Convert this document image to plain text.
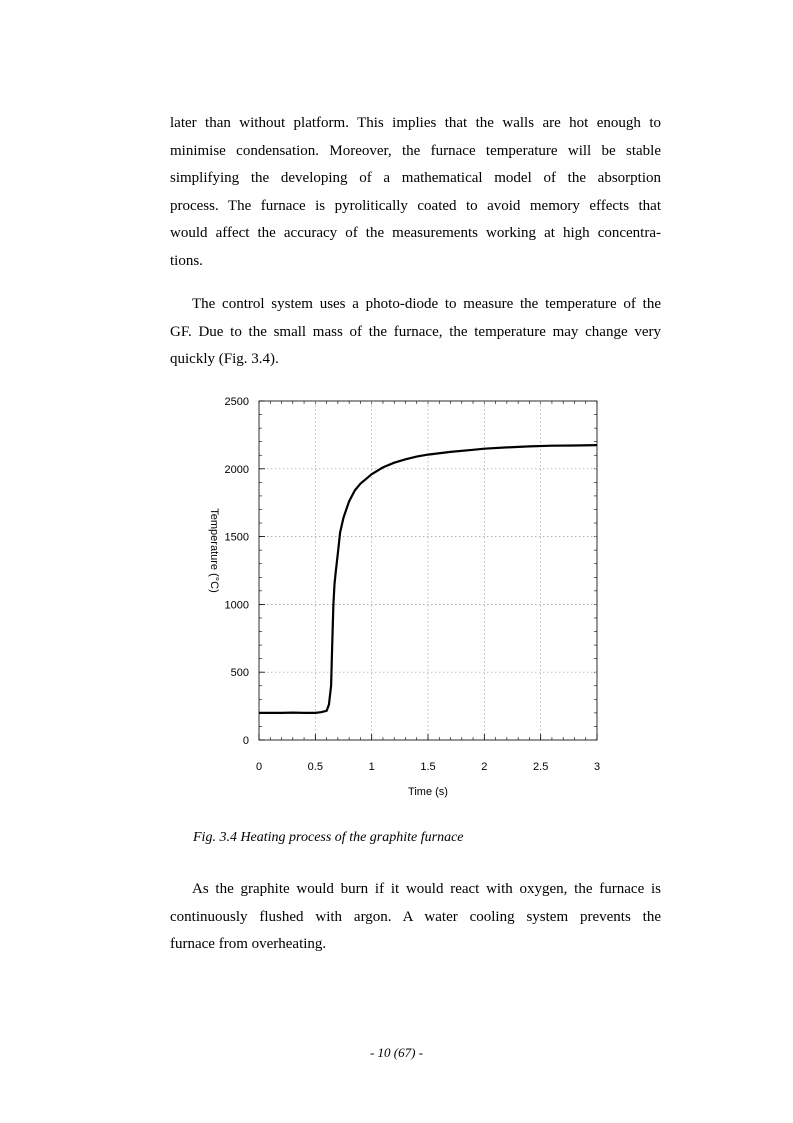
later than without platform. This implies that the walls are hot enough to
minimise condensation. Moreover, the furnace temperature will be stable
simplifying the developing of a mathematical model of the absorption
process. The furnace is pyrolitically coated to avoid memory effects that
would affect the accuracy of the measurements working at high concentra-
tions.
The control system uses a photo-diode to measure the temperature of the
GF. Due to the small mass of the furnace, the temperature may change very
quickly (Fig. 3.4).
0	0.5	1	1.5	2	2.5	3
0
500
1000
1500
2000
2500
Time (s)
Temperature (°C)

Fig. 3.4 Heating process of the graphite furnace

As the graphite would burn if it would react with oxygen, the furnace is
continuously flushed with argon. A water cooling system prevents the
furnace from overheating.

- 10 (67) -
